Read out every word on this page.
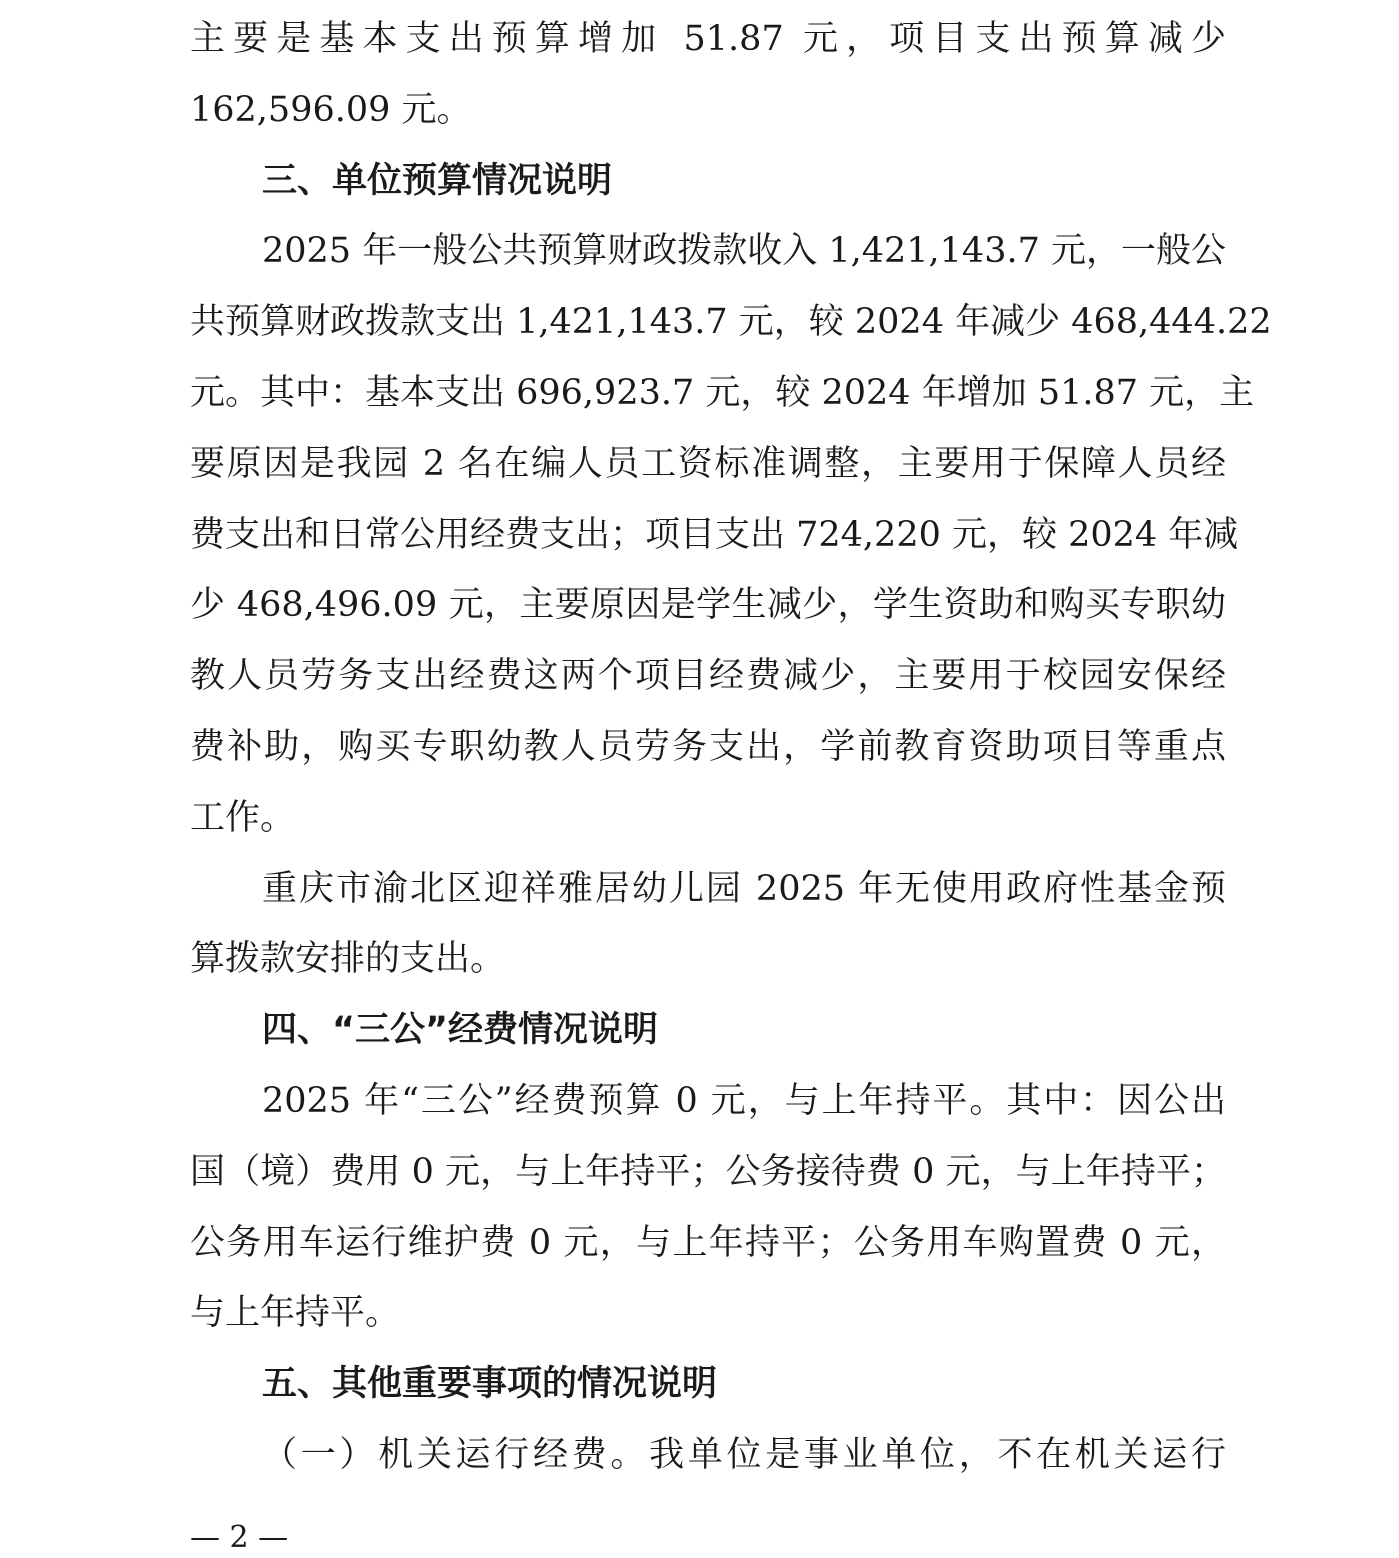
主要是基本支出预算增加 51.87 元，项目支出预算减少
162,596.09 元。
三、单位预算情况说明
2025 年一般公共预算财政拨款收入 1,421,143.7 元，一般公
共预算财政拨款支出 1,421,143.7 元，较 2024 年减少 468,444.22
元。其中：基本支出 696,923.7 元，较 2024 年增加 51.87 元，主
要原因是我园 2 名在编人员工资标准调整，主要用于保障人员经
费支出和日常公用经费支出；项目支出 724,220 元，较 2024 年减
少 468,496.09 元，主要原因是学生减少，学生资助和购买专职幼
教人员劳务支出经费这两个项目经费减少，主要用于校园安保经
费补助，购买专职幼教人员劳务支出，学前教育资助项目等重点
工作。
重庆市渝北区迎祥雅居幼儿园 2025 年无使用政府性基金预
算拨款安排的支出。
四、“三公”经费情况说明
2025 年“三公”经费预算 0 元，与上年持平。其中：因公出
国（境）费用 0 元，与上年持平；公务接待费 0 元，与上年持平；
公务用车运行维护费 0 元，与上年持平；公务用车购置费 0 元，
与上年持平。
五、其他重要事项的情况说明
（一）机关运行经费。我单位是事业单位，不在机关运行
— 2 —
